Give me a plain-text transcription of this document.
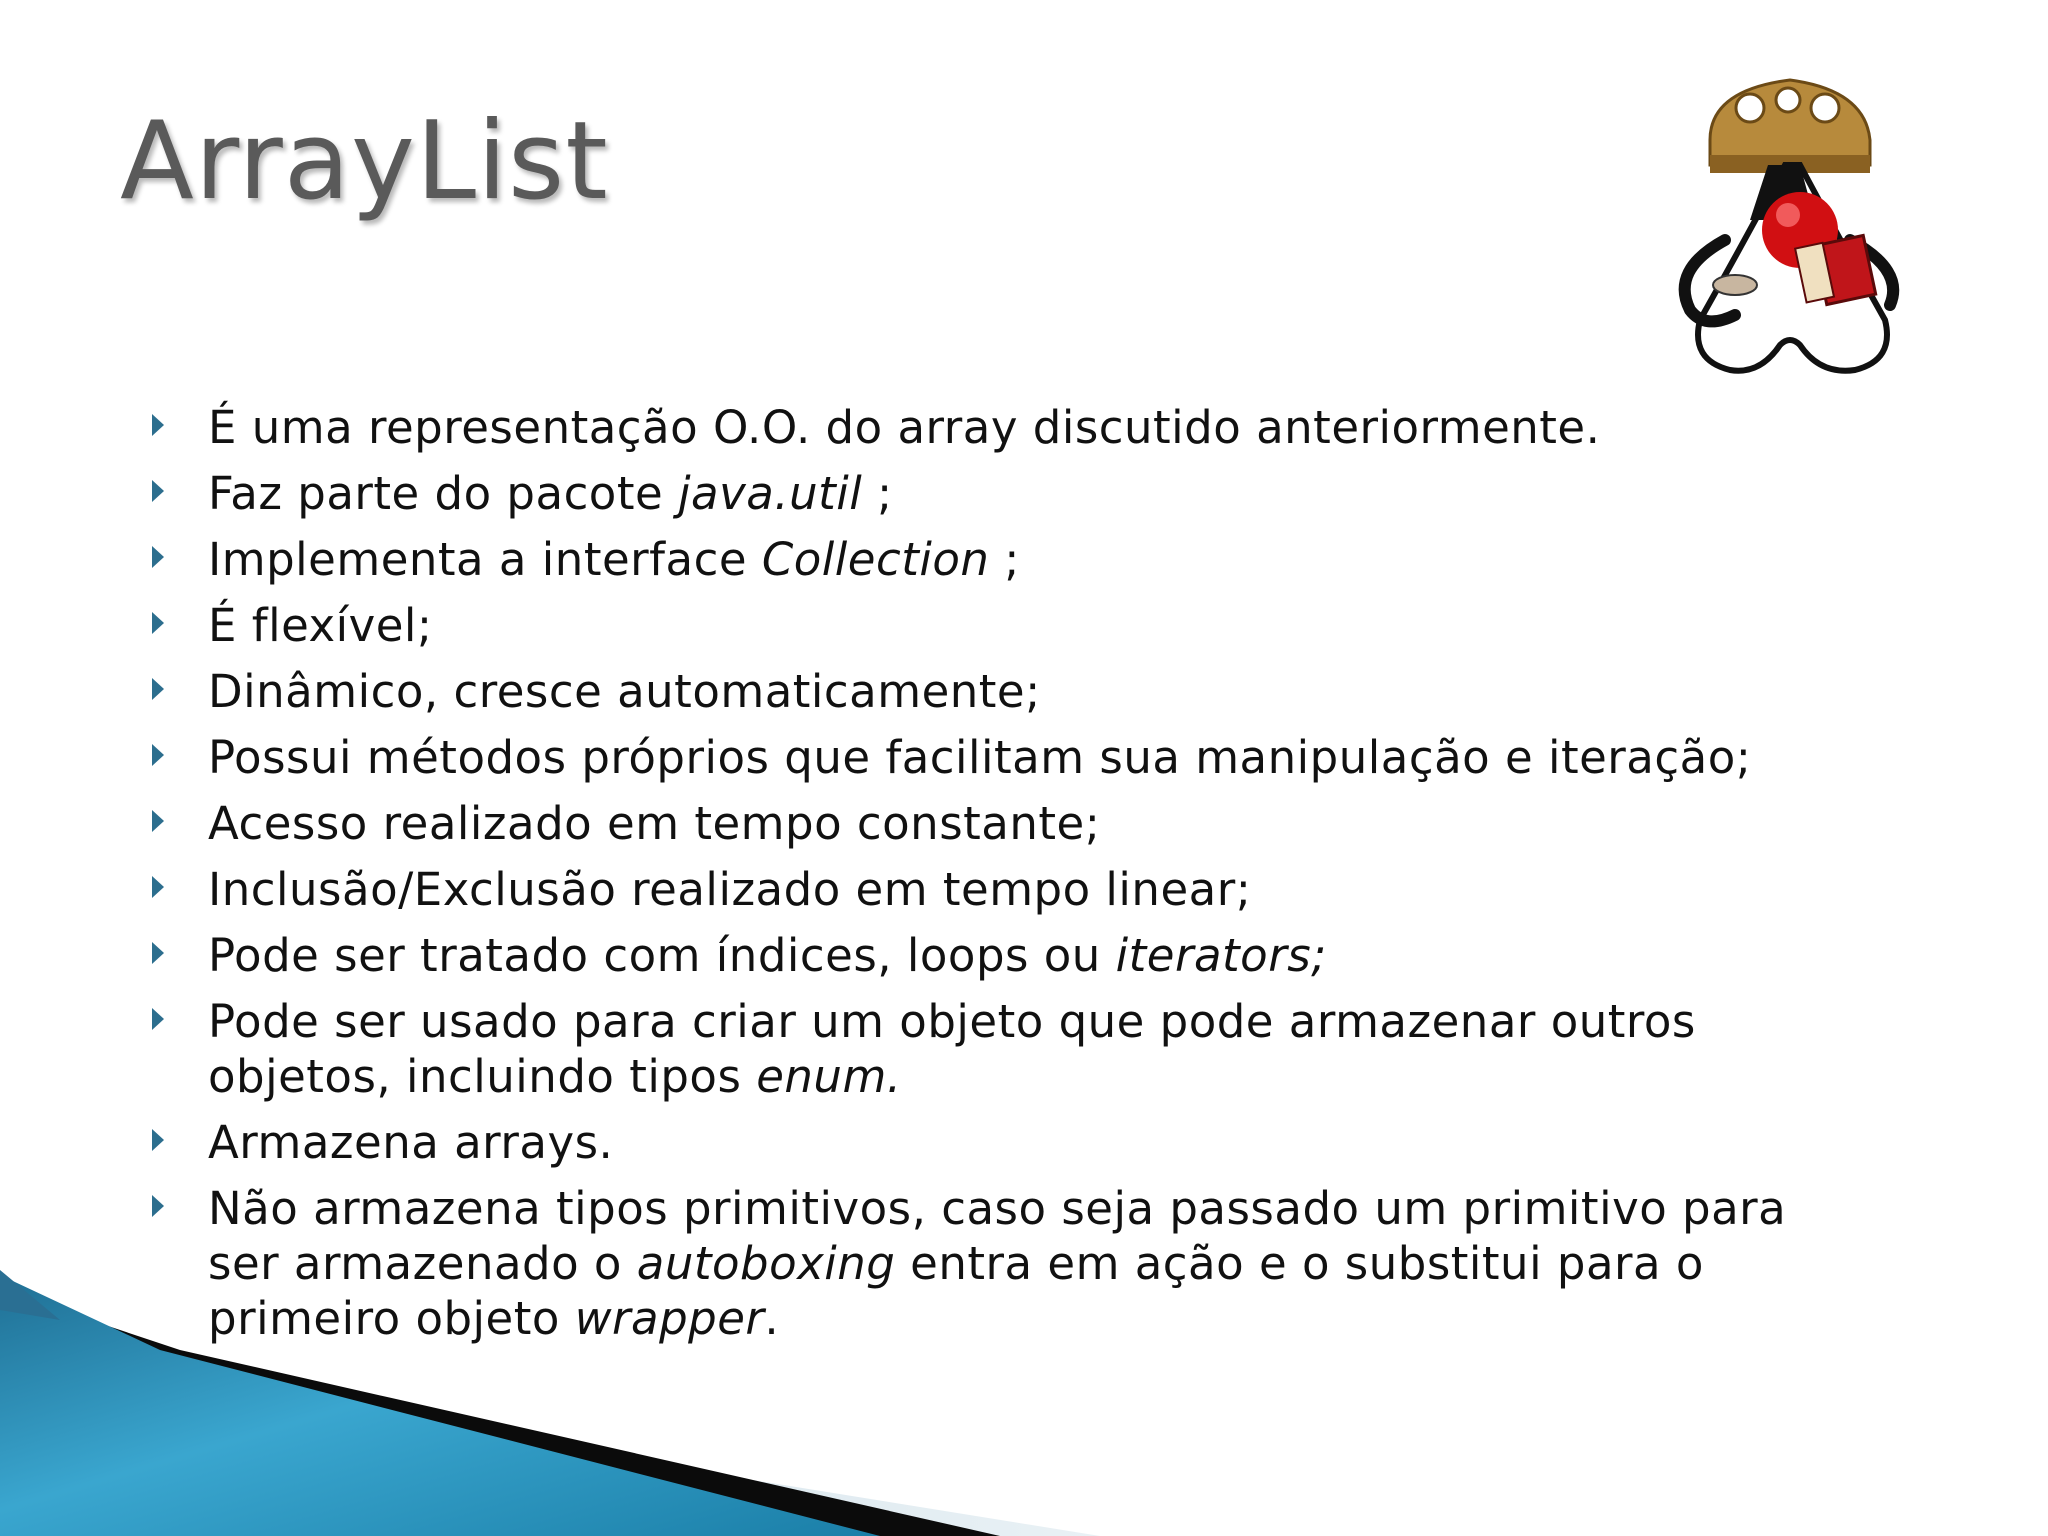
ArrayList
É uma representação O.O. do array discutido anteriormente.
Faz parte do pacote java.util ;
Implementa a interface Collection ;
É flexível;
Dinâmico, cresce automaticamente;
Possui métodos próprios que facilitam sua manipulação e iteração;
Acesso realizado em tempo constante;
Inclusão/Exclusão realizado em tempo linear;
Pode ser tratado com índices, loops ou iterators;
Pode ser usado para criar um objeto que pode armazenar outros objetos, incluindo tipos enum.
Armazena arrays.
Não armazena tipos primitivos, caso seja passado um primitivo para ser armazenado o autoboxing entra em ação e o substitui para o primeiro objeto wrapper.
